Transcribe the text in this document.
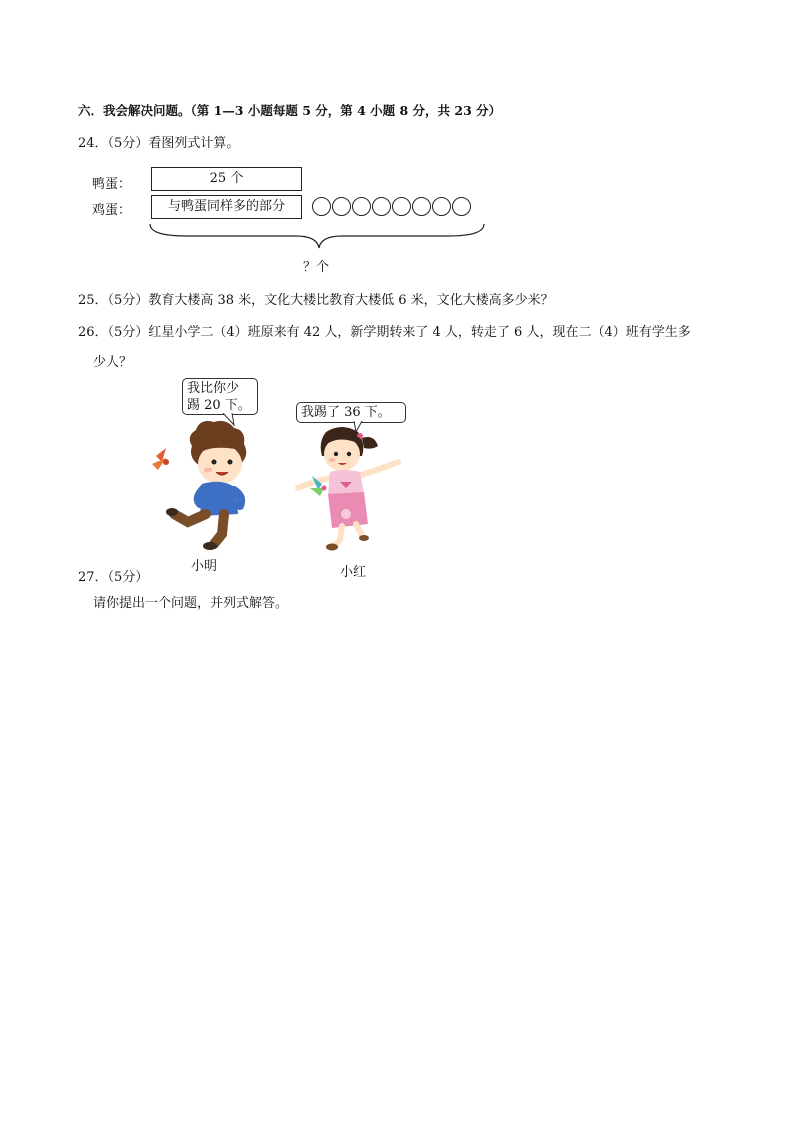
六．我会解决问题。（第 1—3 小题每题 5 分，第 4 小题 8 分，共 23 分）
24．（5分）看图列式计算。
鸭蛋：	25 个
鸡蛋：	与鸭蛋同样多的部分
？个
25．（5分）教育大楼高 38 米，文化大楼比教育大楼低 6 米，文化大楼高多少米？
26．（5分）红星小学二（4）班原来有 42 人，新学期转来了 4 人，转走了 6 人，现在二（4）班有学生多
少人？
我比你少
踢 20 下。
小明
我踢了 36 下。
小红
27．（5分）
请你提出一个问题，并列式解答。
